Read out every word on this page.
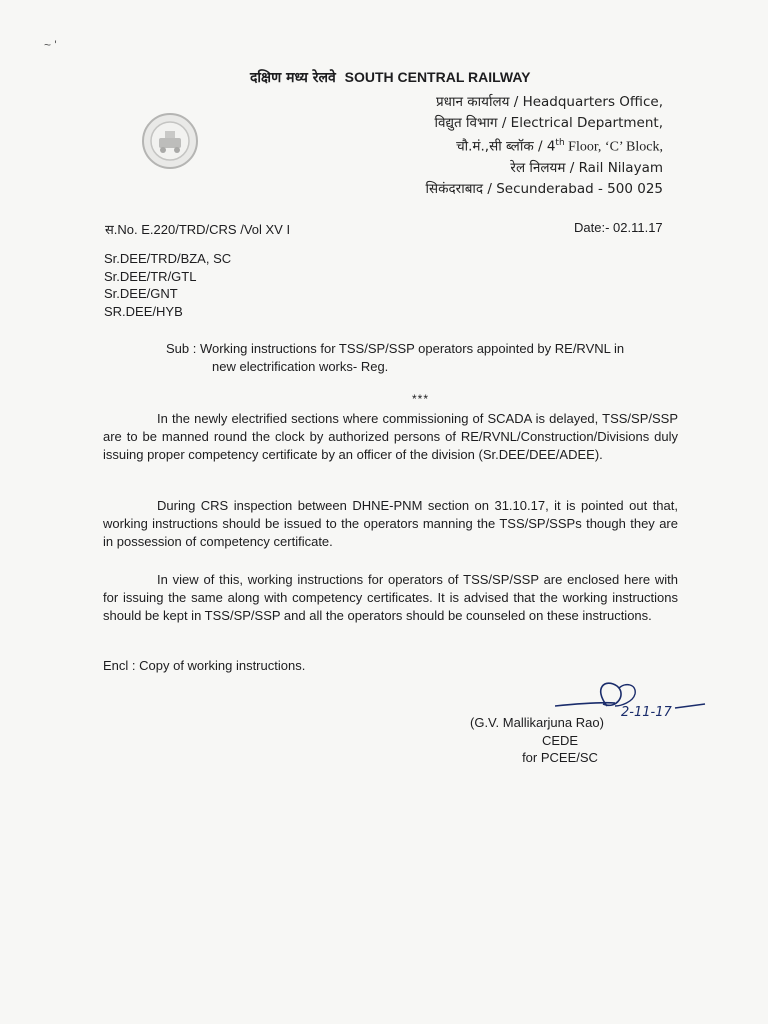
~ '
दक्षिण मध्य रेलवे SOUTH CENTRAL RAILWAY
प्रधान कार्यालय / Headquarters Office,
विद्युत विभाग / Electrical Department,
चौ.मं.,सी ब्लॉक / 4th Floor, ‘C’ Block,
रेल निलयम / Rail Nilayam
सिकंदराबाद / Secunderabad - 500 025
स.No. E.220/TRD/CRS /Vol XV I	Date:- 02.11.17
Sr.DEE/TRD/BZA, SC
Sr.DEE/TR/GTL
Sr.DEE/GNT
SR.DEE/HYB
Sub : Working instructions for TSS/SP/SSP operators appointed by RE/RVNL in
new electrification works- Reg.
***
In the newly electrified sections where commissioning of SCADA is delayed, TSS/SP/SSP are to be manned round the clock by authorized persons of RE/RVNL/Construction/Divisions duly issuing proper competency certificate by an officer of the division (Sr.DEE/DEE/ADEE).
During CRS inspection between DHNE-PNM section on 31.10.17, it is pointed out that, working instructions should be issued to the operators manning the TSS/SP/SSPs though they are in possession of competency certificate.
In view of this, working instructions for operators of TSS/SP/SSP are enclosed here with for issuing the same along with competency certificates. It is advised that the working instructions should be kept in TSS/SP/SSP and all the operators should be counseled on these instructions.
Encl : Copy of working instructions.
2-11-17
(G.V. Mallikarjuna Rao)
CEDE
for PCEE/SC
